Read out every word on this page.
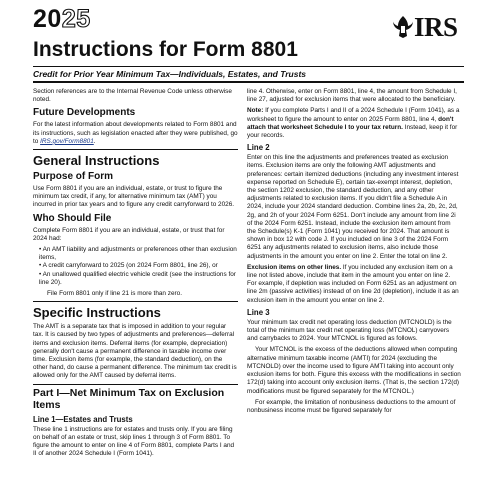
2025	IRS
Instructions for Form 8801
Credit for Prior Year Minimum Tax—Individuals, Estates, and Trusts

Section references are to the Internal Revenue Code unless otherwise noted.

Future Developments

For the latest information about developments related to Form 8801 and its instructions, such as legislation enacted after they were published, go to IRS.gov/Form8801.

General Instructions
Purpose of Form

Use Form 8801 if you are an individual, estate, or trust to figure the minimum tax credit, if any, for alternative minimum tax (AMT) you incurred in prior tax years and to figure any credit carryforward to 2026.

Who Should File

Complete Form 8801 if you are an individual, estate, or trust that for 2024 had:

• An AMT liability and adjustments or preferences other than exclusion items,
• A credit carryforward to 2025 (on 2024 Form 8801, line 26), or
• An unallowed qualified electric vehicle credit (see the instructions for line 20).

File Form 8801 only if line 21 is more than zero.

Specific Instructions

The AMT is a separate tax that is imposed in addition to your regular tax. It is caused by two types of adjustments and preferences—deferral items and exclusion items. Deferral items (for example, depreciation) generally don't cause a permanent difference in taxable income over time. Exclusion items (for example, the standard deduction), on the other hand, do cause a permanent difference. The minimum tax credit is allowed only for the AMT caused by deferral items.

Part I—Net Minimum Tax on Exclusion Items
Line 1—Estates and Trusts

These line 1 instructions are for estates and trusts only. If you are filing on behalf of an estate or trust, skip lines 1 through 3 of Form 8801. To figure the amount to enter on line 4 of Form 8801, complete Parts I and II of another 2024 Schedule I (Form 1041).

line 4. Otherwise, enter on Form 8801, line 4, the amount from Schedule I, line 27, adjusted for exclusion items that were allocated to the beneficiary.

Note: If you complete Parts I and II of a 2024 Schedule I (Form 1041), as a worksheet to figure the amount to enter on 2025 Form 8801, line 4, don't attach that worksheet Schedule I to your tax return. Instead, keep it for your records.

Line 2

Enter on this line the adjustments and preferences treated as exclusion items. Exclusion items are only the following AMT adjustments and preferences: certain itemized deductions (including any investment interest expense reported on Schedule E), certain tax-exempt interest, depletion, the section 1202 exclusion, the standard deduction, and any other adjustments related to exclusion items. If you didn't file a Schedule A in 2024, include your 2024 standard deduction. Combine lines 2a, 2b, 2c, 2d, 2g, and 2h of your 2024 Form 6251. Don't include any amount from line 2i of the 2024 Form 6251. Instead, include the exclusion item amount from the Schedule(s) K-1 (Form 1041) you received for 2024. That amount is shown in box 12 with code J. If you included on line 3 of the 2024 Form 6251 any adjustments related to exclusion items, also include those adjustments in the amount you enter on line 2. Enter the total on line 2.

Exclusion items on other lines. If you included any exclusion item on a line not listed above, include that item in the amount you enter on line 2. For example, if depletion was included on Form 6251 as an adjustment on line 2m (passive activities) instead of on line 2d (depletion), include it as an exclusion item in the amount you enter on line 2.

Line 3

Your minimum tax credit net operating loss deduction (MTCNOLD) is the total of the minimum tax credit net operating loss (MTCNOL) carryovers and carrybacks to 2024. Your MTCNOL is figured as follows.

Your MTCNOL is the excess of the deductions allowed when computing alternative minimum taxable income (AMTI) for 2024 (excluding the MTCNOLD) over the income used to figure AMTI taking into account only exclusion items for both. Figure this excess with the modifications in section 172(d) taking into account only exclusion items. (That is, the section 172(d) modifications must be figured separately for the MTCNOL.)

For example, the limitation of nonbusiness deductions to the amount of nonbusiness income must be figured separately for
